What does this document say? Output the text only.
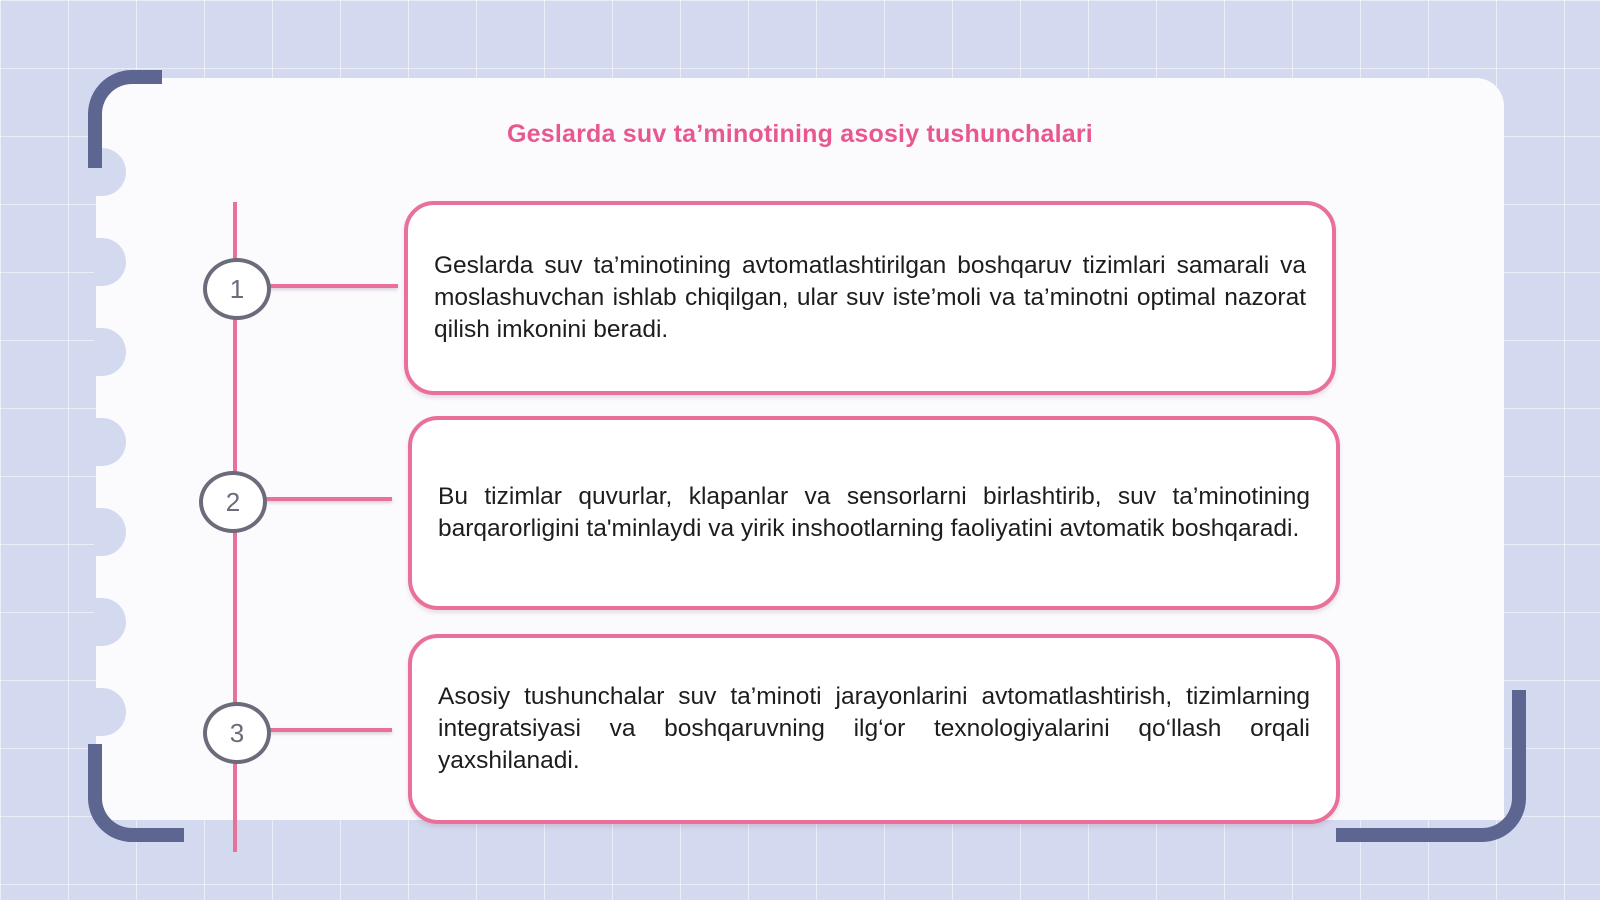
Geslarda suv taʼminotining asosiy tushunchalari
1
2
3
Geslarda suv ta’minotining avtomatlashtirilgan boshqaruv tizimlari samarali va moslashuvchan ishlab chiqilgan, ular suv iste’moli va ta’minotni optimal nazorat qilish imkonini beradi.
Bu tizimlar quvurlar, klapanlar va sensorlarni birlashtirib, suv ta’minotining barqarorligini ta'minlaydi va yirik inshootlarning faoliyatini avtomatik boshqaradi.
Asosiy tushunchalar suv ta’minoti jarayonlarini avtomatlashtirish, tizimlarning integratsiyasi va boshqaruvning ilg‘or texnologiyalarini qo‘llash orqali yaxshilanadi.
